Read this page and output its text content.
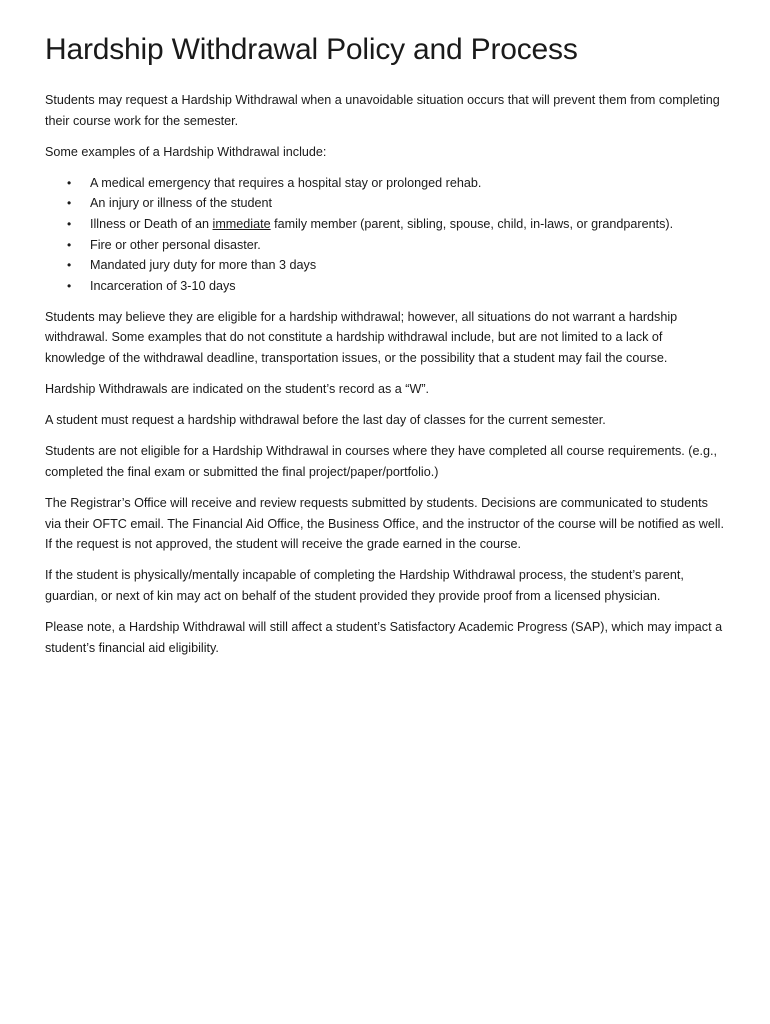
Hardship Withdrawal Policy and Process

Students may request a Hardship Withdrawal when a unavoidable situation occurs that will prevent them from completing their course work for the semester.

Some examples of a Hardship Withdrawal include:

• A medical emergency that requires a hospital stay or prolonged rehab.
• An injury or illness of the student
• Illness or Death of an immediate family member (parent, sibling, spouse, child, in-laws, or grandparents).
• Fire or other personal disaster.
• Mandated jury duty for more than 3 days
• Incarceration of 3-10 days

Students may believe they are eligible for a hardship withdrawal; however, all situations do not warrant a hardship withdrawal. Some examples that do not constitute a hardship withdrawal include, but are not limited to a lack of knowledge of the withdrawal deadline, transportation issues, or the possibility that a student may fail the course.

Hardship Withdrawals are indicated on the student’s record as a “W”.

A student must request a hardship withdrawal before the last day of classes for the current semester.

Students are not eligible for a Hardship Withdrawal in courses where they have completed all course requirements. (e.g., completed the final exam or submitted the final project/paper/portfolio.)

The Registrar’s Office will receive and review requests submitted by students. Decisions are communicated to students via their OFTC email. The Financial Aid Office, the Business Office, and the instructor of the course will be notified as well. If the request is not approved, the student will receive the grade earned in the course.

If the student is physically/mentally incapable of completing the Hardship Withdrawal process, the student’s parent, guardian, or next of kin may act on behalf of the student provided they provide proof from a licensed physician.

Please note, a Hardship Withdrawal will still affect a student’s Satisfactory Academic Progress (SAP), which may impact a student’s financial aid eligibility.
